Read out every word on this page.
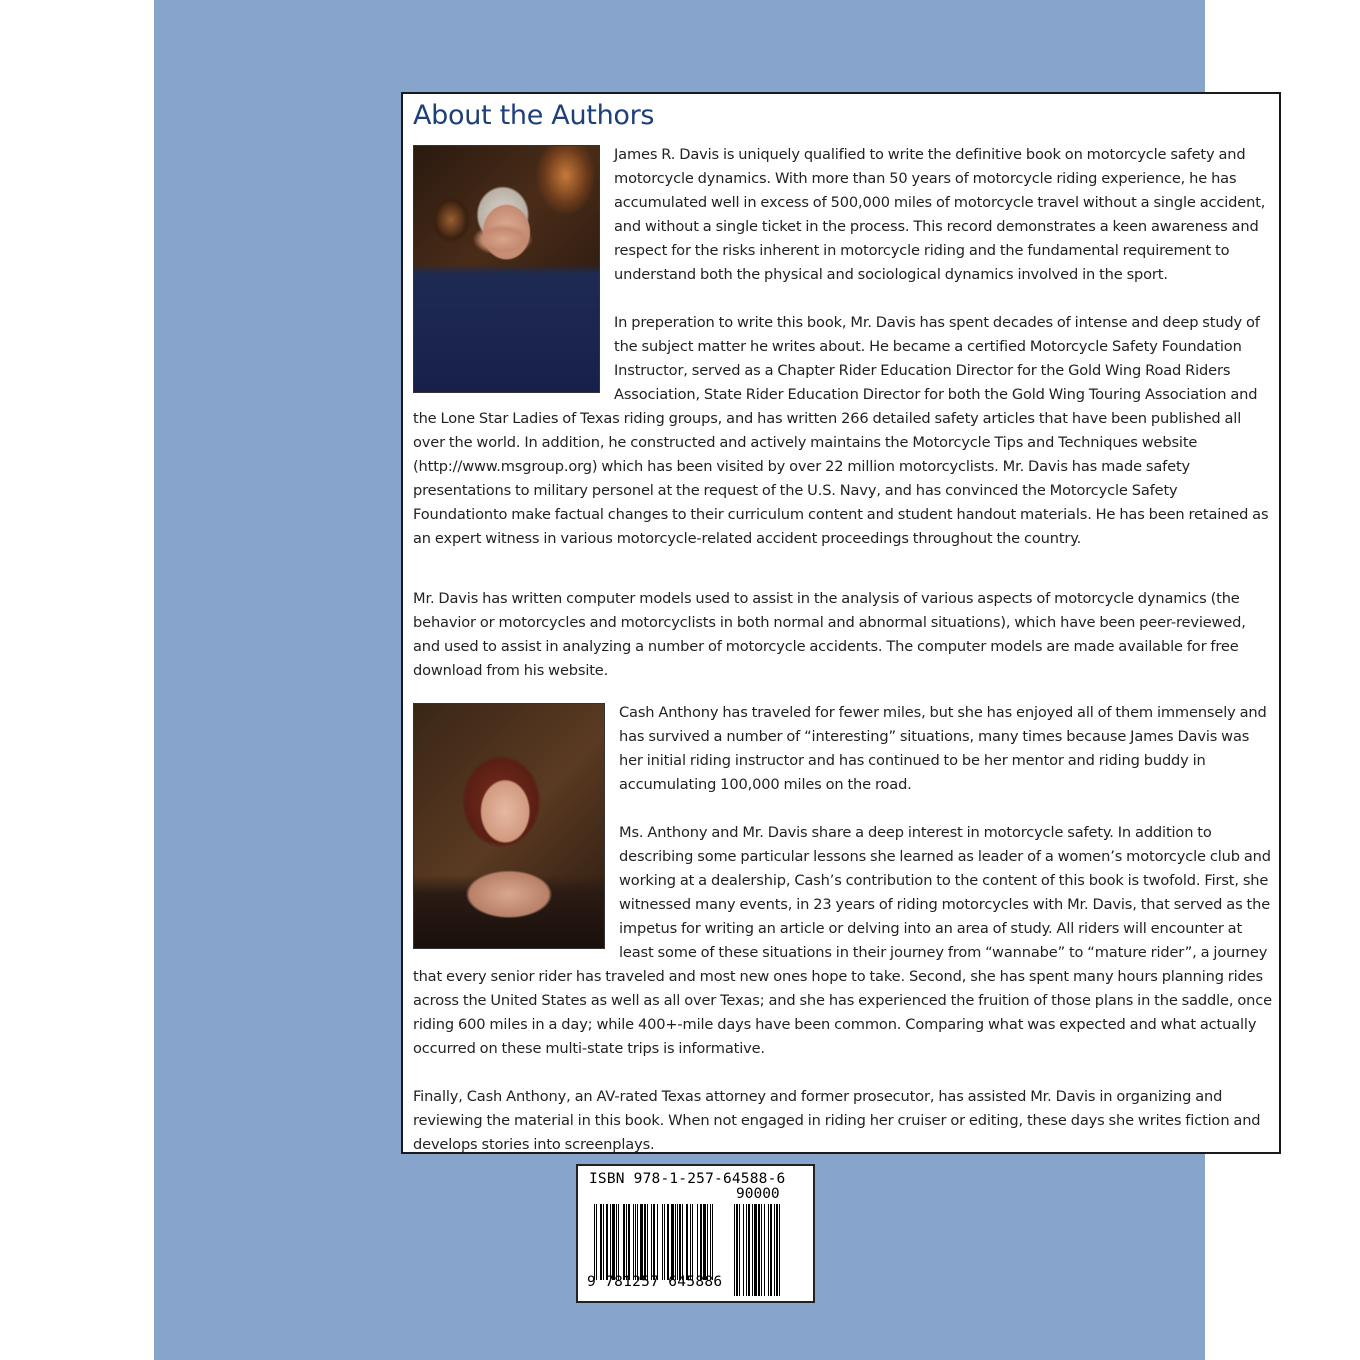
About the Authors

James R. Davis is uniquely qualified to write the definitive book on motorcycle safety and motorcycle dynamics. With more than 50 years of motorcycle riding experience, he has accumulated well in excess of 500,000 miles of motorcycle travel without a single accident, and without a single ticket in the process. This record demonstrates a keen awareness and respect for the risks inherent in motorcycle riding and the fundamental requirement to understand both the physical and sociological dynamics involved in the sport.

In preperation to write this book, Mr. Davis has spent decades of intense and deep study of the subject matter he writes about. He became a certified Motorcycle Safety Foundation Instructor, served as a Chapter Rider Education Director for the Gold Wing Road Riders Association, State Rider Education Director for both the Gold Wing Touring Association and the Lone Star Ladies of Texas riding groups, and has written 266 detailed safety articles that have been published all over the world. In addition, he constructed and actively maintains the Motorcycle Tips and Techniques website (http://www.msgroup.org) which has been visited by over 22 million motorcyclists. Mr. Davis has made safety presentations to military personel at the request of the U.S. Navy, and has convinced the Motorcycle Safety Foundationto make factual changes to their curriculum content and student handout materials. He has been retained as an expert witness in various motorcycle-related accident proceedings throughout the country.

Mr. Davis has written computer models used to assist in the analysis of various aspects of motorcycle dynamics (the behavior or motorcycles and motorcyclists in both normal and abnormal situations), which have been peer-reviewed, and used to assist in analyzing a number of motorcycle accidents. The computer models are made available for free download from his website.

Cash Anthony has traveled for fewer miles, but she has enjoyed all of them immensely and has survived a number of “interesting” situations, many times because James Davis was her initial riding instructor and has continued to be her mentor and riding buddy in accumulating 100,000 miles on the road.

Ms. Anthony and Mr. Davis share a deep interest in motorcycle safety. In addition to describing some particular lessons she learned as leader of a women’s motorcycle club and working at a dealership, Cash’s contribution to the content of this book is twofold. First, she witnessed many events, in 23 years of riding motorcycles with Mr. Davis, that served as the impetus for writing an article or delving into an area of study. All riders will encounter at least some of these situations in their journey from “wannabe” to “mature rider”, a journey that every senior rider has traveled and most new ones hope to take. Second, she has spent many hours planning rides across the United States as well as all over Texas; and she has experienced the fruition of those plans in the saddle, once riding 600 miles in a day; while 400+-mile days have been common. Comparing what was expected and what actually occurred on these multi-state trips is informative.

Finally, Cash Anthony, an AV-rated Texas attorney and former prosecutor, has assisted Mr. Davis in organizing and reviewing the material in this book. When not engaged in riding her cruiser or editing, these days she writes fiction and develops stories into screenplays.

ISBN 978-1-257-64588-6

90000

9 781257 645886
